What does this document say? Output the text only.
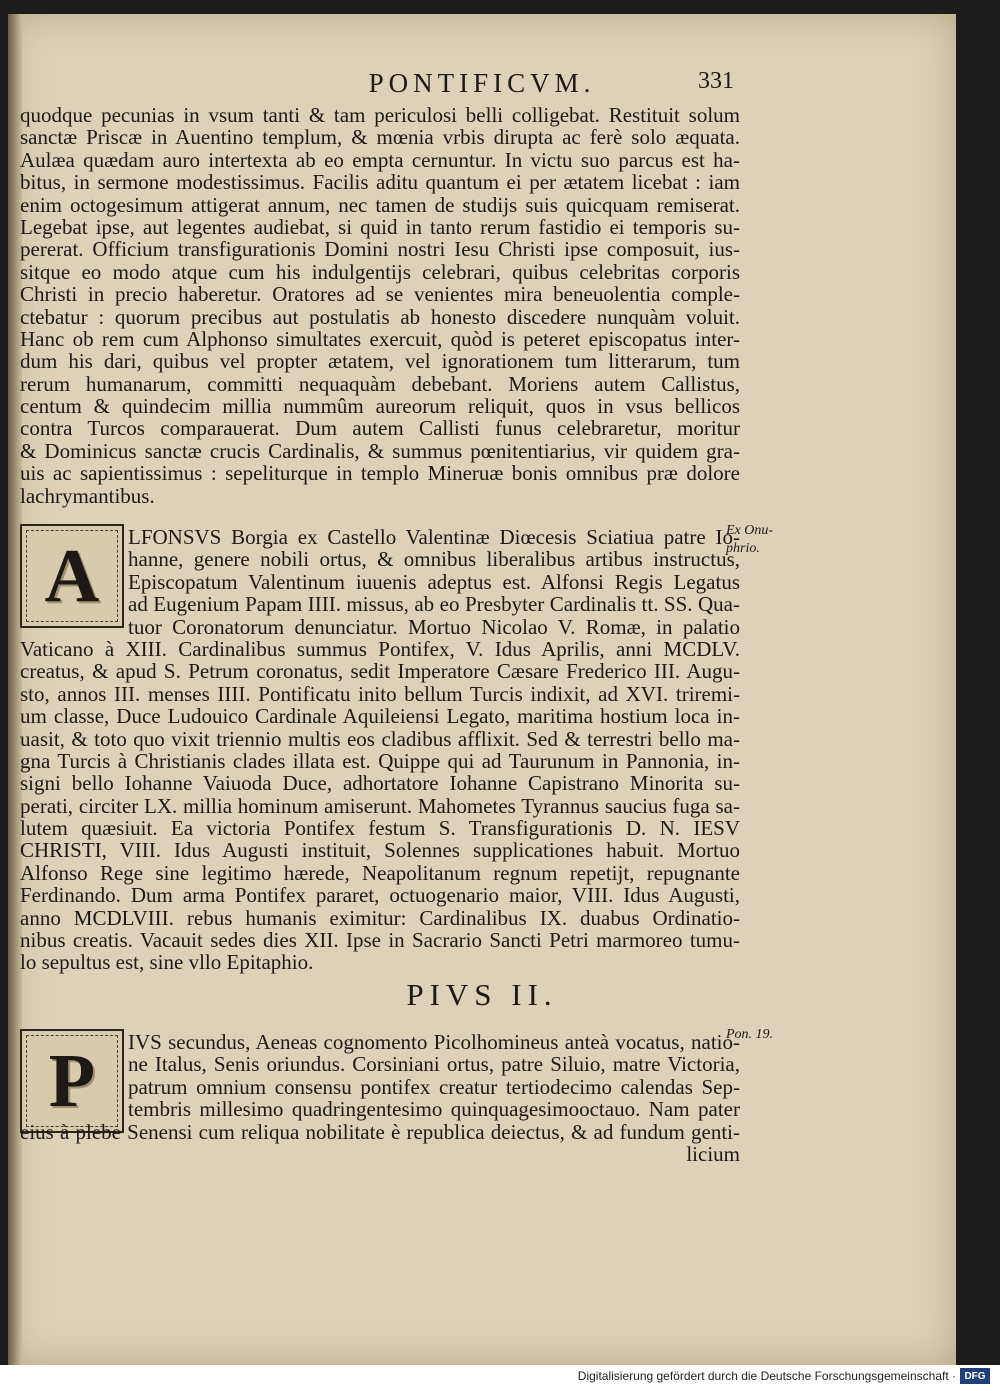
PONTIFICVM.	331
quodque pecunias in vsum tanti & tam periculosi belli colligebat. Restituit solum
sanctæ Priscæ in Auentino templum, & mœnia vrbis dirupta ac ferè solo æquata.
Aulæa quædam auro intertexta ab eo empta cernuntur. In victu suo parcus est ha-
bitus, in sermone modestissimus. Facilis aditu quantum ei per ætatem licebat : iam
enim octogesimum attigerat annum, nec tamen de studijs suis quicquam remiserat.
Legebat ipse, aut legentes audiebat, si quid in tanto rerum fastidio ei temporis su-
pererat. Officium transfigurationis Domini nostri Iesu Christi ipse composuit, ius-
sitque eo modo atque cum his indulgentijs celebrari, quibus celebritas corporis
Christi in precio haberetur. Oratores ad se venientes mira beneuolentia comple-
ctebatur : quorum precibus aut postulatis ab honesto discedere nunquàm voluit.
Hanc ob rem cum Alphonso simultates exercuit, quòd is peteret episcopatus inter-
dum his dari, quibus vel propter ætatem, vel ignorationem tum litterarum, tum
rerum humanarum, committi nequaquàm debebant. Moriens autem Callistus,
centum & quindecim millia nummûm aureorum reliquit, quos in vsus bellicos
contra Turcos comparauerat. Dum autem Callisti funus celebraretur, moritur
& Dominicus sanctæ crucis Cardinalis, & summus pœnitentiarius, vir quidem gra-
uis ac sapientissimus : sepeliturque in templo Mineruæ bonis omnibus præ dolore
lachrymantibus.
A	LFONSVS Borgia ex Castello Valentinæ Diœcesis Sciatiua patre Io-
hanne, genere nobili ortus, & omnibus liberalibus artibus instructus,
Episcopatum Valentinum iuuenis adeptus est. Alfonsi Regis Legatus
ad Eugenium Papam IIII. missus, ab eo Presbyter Cardinalis tt. SS. Qua-
tuor Coronatorum denunciatur. Mortuo Nicolao V. Romæ, in palatio
Vaticano à XIII. Cardinalibus summus Pontifex, V. Idus Aprilis, anni MCDLV.
creatus, & apud S. Petrum coronatus, sedit Imperatore Cæsare Frederico III. Augu-
sto, annos III. menses IIII. Pontificatu inito bellum Turcis indixit, ad XVI. triremi-
um classe, Duce Ludouico Cardinale Aquileiensi Legato, maritima hostium loca in-
uasit, & toto quo vixit triennio multis eos cladibus afflixit. Sed & terrestri bello ma-
gna Turcis à Christianis clades illata est. Quippe qui ad Taurunum in Pannonia, in-
signi bello Iohanne Vaiuoda Duce, adhortatore Iohanne Capistrano Minorita su-
perati, circiter LX. millia hominum amiserunt. Mahometes Tyrannus saucius fuga sa-
lutem quæsiuit. Ea victoria Pontifex festum S. Transfigurationis D. N. IESV
CHRISTI, VIII. Idus Augusti instituit, Solennes supplicationes habuit. Mortuo
Alfonso Rege sine legitimo hærede, Neapolitanum regnum repetijt, repugnante
Ferdinando. Dum arma Pontifex pararet, octuogenario maior, VIII. Idus Augusti,
anno MCDLVIII. rebus humanis eximitur: Cardinalibus IX. duabus Ordinatio-
nibus creatis. Vacauit sedes dies XII. Ipse in Sacrario Sancti Petri marmoreo tumu-
lo sepultus est, sine vllo Epitaphio.
Ex Onu- phrio.
PIVS II.
P	IVS secundus, Aeneas cognomento Picolhomineus anteà vocatus, natio-
ne Italus, Senis oriundus. Corsiniani ortus, patre Siluio, matre Victoria,
patrum omnium consensu pontifex creatur tertiodecimo calendas Sep-
tembris millesimo quadringentesimo quinquagesimooctauo. Nam pater
eius à plebe Senensi cum reliqua nobilitate è republica deiectus, & ad fundum genti-
licium
Pon. 19.
Digitalisierung gefördert durch die Deutsche Forschungsgemeinschaft · DFG
